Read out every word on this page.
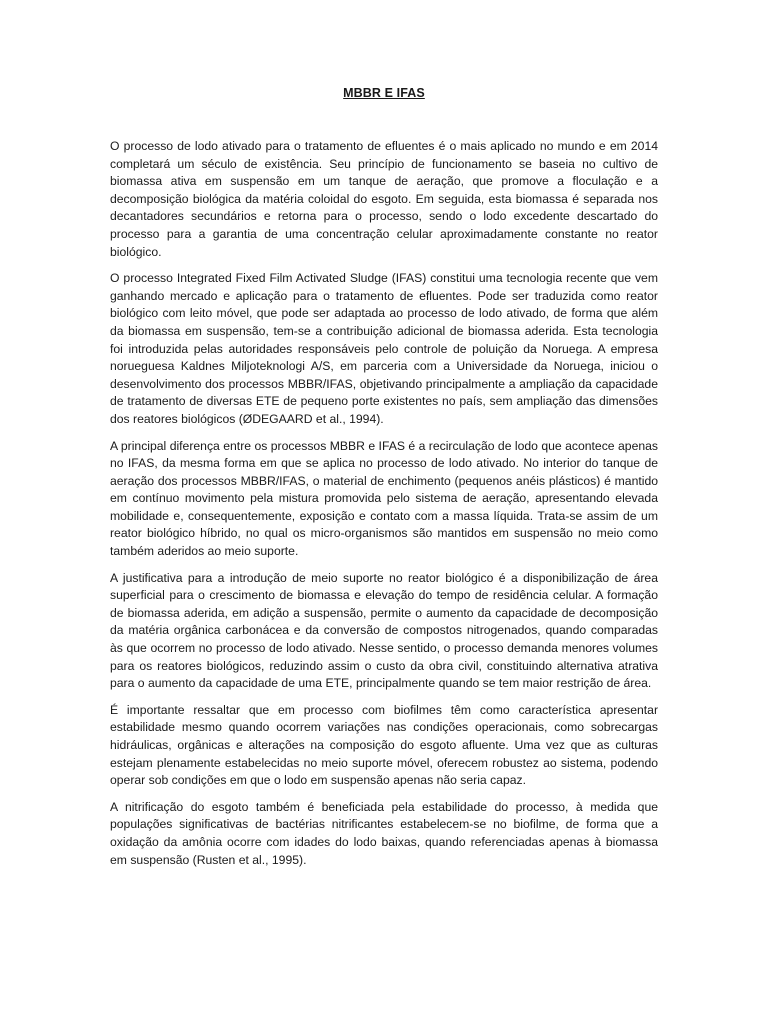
MBBR E IFAS

O processo de lodo ativado para o tratamento de efluentes é o mais aplicado no mundo e em 2014 completará um século de existência. Seu princípio de funcionamento se baseia no cultivo de biomassa ativa em suspensão em um tanque de aeração, que promove a floculação e a decomposição biológica da matéria coloidal do esgoto. Em seguida, esta biomassa é separada nos decantadores secundários e retorna para o processo, sendo o lodo excedente descartado do processo para a garantia de uma concentração celular aproximadamente constante no reator biológico.

O processo Integrated Fixed Film Activated Sludge (IFAS) constitui uma tecnologia recente que vem ganhando mercado e aplicação para o tratamento de efluentes. Pode ser traduzida como reator biológico com leito móvel, que pode ser adaptada ao processo de lodo ativado, de forma que além da biomassa em suspensão, tem-se a contribuição adicional de biomassa aderida. Esta tecnologia foi introduzida pelas autoridades responsáveis pelo controle de poluição da Noruega. A empresa norueguesa Kaldnes Miljoteknologi A/S, em parceria com a Universidade da Noruega, iniciou o desenvolvimento dos processos MBBR/IFAS, objetivando principalmente a ampliação da capacidade de tratamento de diversas ETE de pequeno porte existentes no país, sem ampliação das dimensões dos reatores biológicos (ØDEGAARD et al., 1994).

A principal diferença entre os processos MBBR e IFAS é a recirculação de lodo que acontece apenas no IFAS, da mesma forma em que se aplica no processo de lodo ativado. No interior do tanque de aeração dos processos MBBR/IFAS, o material de enchimento (pequenos anéis plásticos) é mantido em contínuo movimento pela mistura promovida pelo sistema de aeração, apresentando elevada mobilidade e, consequentemente, exposição e contato com a massa líquida. Trata-se assim de um reator biológico híbrido, no qual os micro-organismos são mantidos em suspensão no meio como também aderidos ao meio suporte.

A justificativa para a introdução de meio suporte no reator biológico é a disponibilização de área superficial para o crescimento de biomassa e elevação do tempo de residência celular. A formação de biomassa aderida, em adição a suspensão, permite o aumento da capacidade de decomposição da matéria orgânica carbonácea e da conversão de compostos nitrogenados, quando comparadas às que ocorrem no processo de lodo ativado. Nesse sentido, o processo demanda menores volumes para os reatores biológicos, reduzindo assim o custo da obra civil, constituindo alternativa atrativa para o aumento da capacidade de uma ETE, principalmente quando se tem maior restrição de área.

É importante ressaltar que em processo com biofilmes têm como característica apresentar estabilidade mesmo quando ocorrem variações nas condições operacionais, como sobrecargas hidráulicas, orgânicas e alterações na composição do esgoto afluente. Uma vez que as culturas estejam plenamente estabelecidas no meio suporte móvel, oferecem robustez ao sistema, podendo operar sob condições em que o lodo em suspensão apenas não seria capaz.

A nitrificação do esgoto também é beneficiada pela estabilidade do processo, à medida que populações significativas de bactérias nitrificantes estabelecem-se no biofilme, de forma que a oxidação da amônia ocorre com idades do lodo baixas, quando referenciadas apenas à biomassa em suspensão (Rusten et al., 1995).
